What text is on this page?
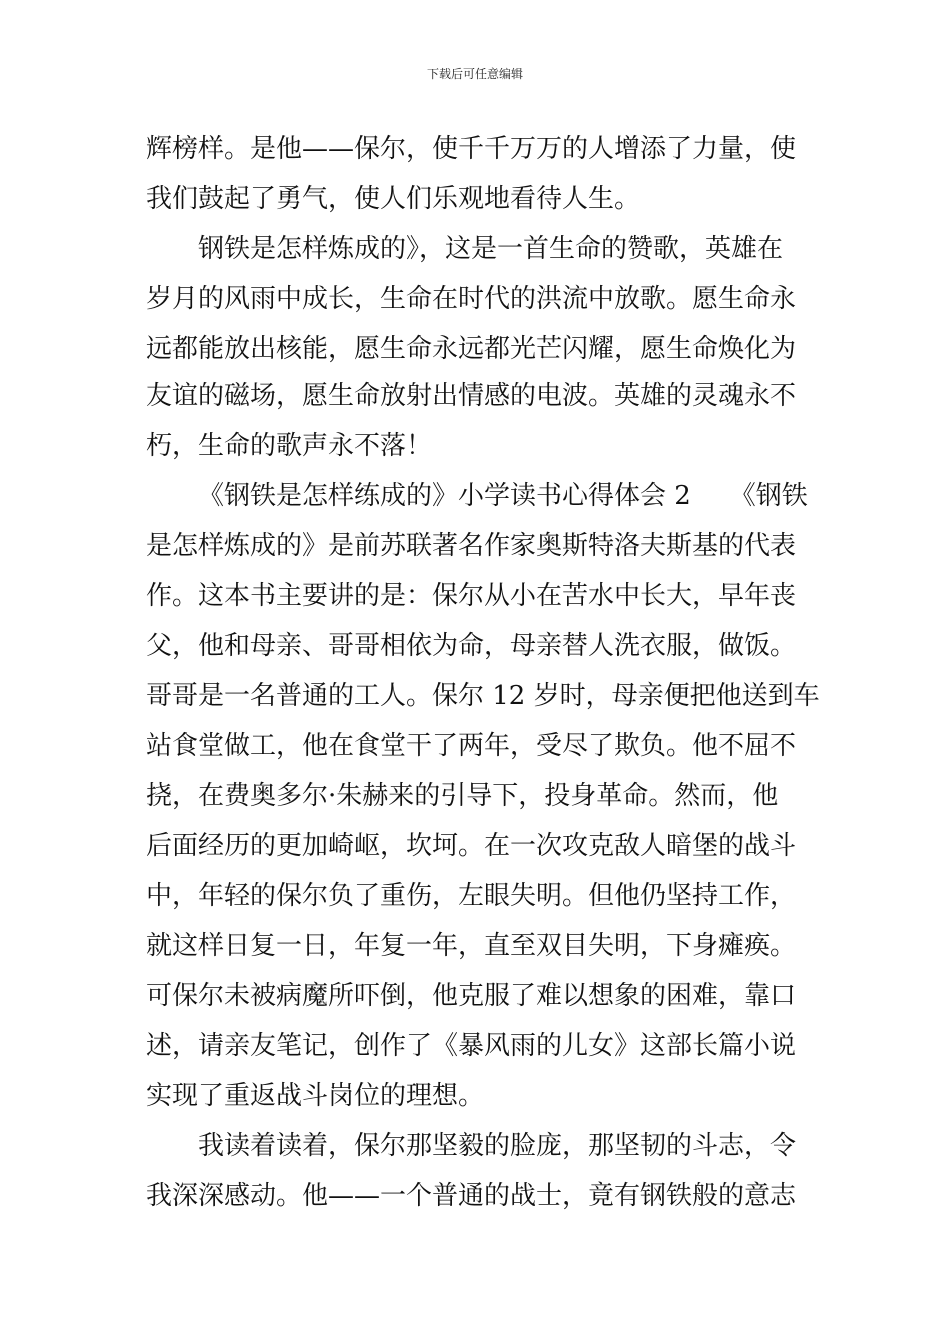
下载后可任意编辑
辉榜样。是他——保尔，使千千万万的人增添了力量，使
我们鼓起了勇气，使人们乐观地看待人生。
钢铁是怎样炼成的》，这是一首生命的赞歌，英雄在
岁月的风雨中成长，生命在时代的洪流中放歌。愿生命永
远都能放出核能，愿生命永远都光芒闪耀，愿生命焕化为
友谊的磁场，愿生命放射出情感的电波。英雄的灵魂永不
朽，生命的歌声永不落！
《钢铁是怎样练成的》小学读书心得体会 2　　《钢铁
是怎样炼成的》是前苏联著名作家奥斯特洛夫斯基的代表
作。这本书主要讲的是：保尔从小在苦水中长大，早年丧
父，他和母亲、哥哥相依为命，母亲替人洗衣服，做饭。
哥哥是一名普通的工人。保尔 12 岁时，母亲便把他送到车
站食堂做工，他在食堂干了两年，受尽了欺负。他不屈不
挠，在费奥多尔·朱赫来的引导下，投身革命。然而，他
后面经历的更加崎岖，坎坷。在一次攻克敌人暗堡的战斗
中，年轻的保尔负了重伤，左眼失明。但他仍坚持工作，
就这样日复一日，年复一年，直至双目失明，下身瘫痪。
可保尔未被病魔所吓倒，他克服了难以想象的困难，靠口
述，请亲友笔记，创作了《暴风雨的儿女》这部长篇小说
实现了重返战斗岗位的理想。
我读着读着，保尔那坚毅的脸庞，那坚韧的斗志，令
我深深感动。他——一个普通的战士，竟有钢铁般的意志
